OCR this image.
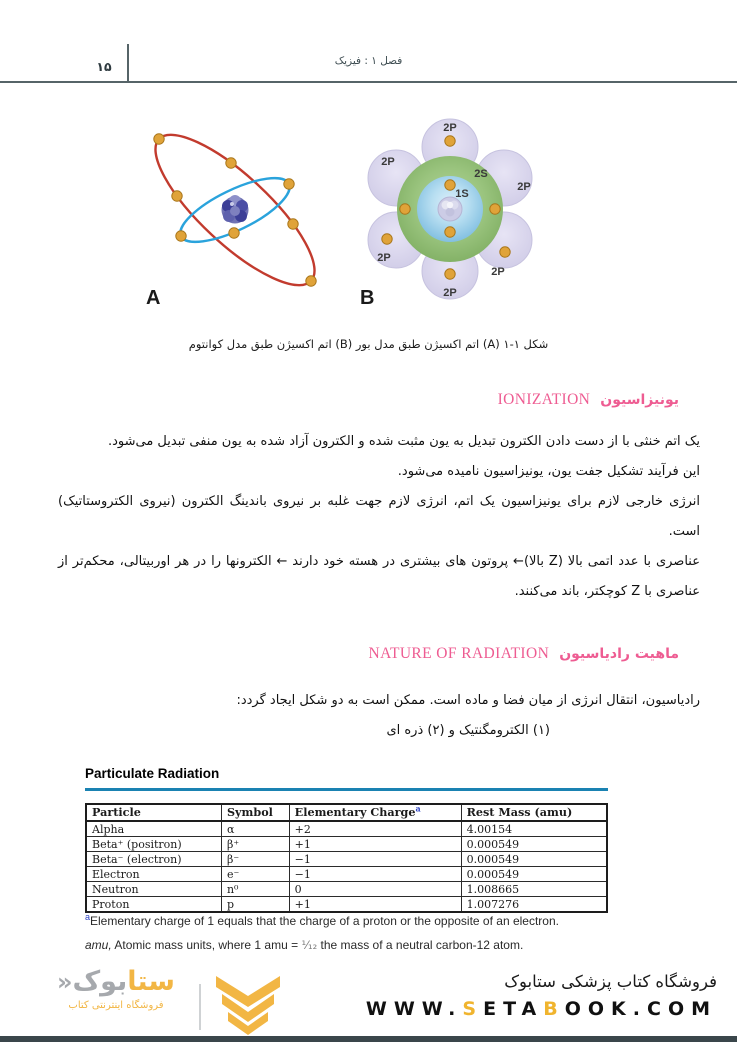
فصل ۱ : فیزیک
۱۵
A
2P
2P
2P
2P
2P
2P
2S
1S
B
شکل ۱-۱ (A) اتم اکسیژن طبق مدل بور (B) اتم اکسیژن طبق مدل کوانتوم
یونیزاسیون
IONIZATION

یک اتم خنثی با از دست دادن الکترون تبدیل به یون مثبت شده و الکترون آزاد شده به یون منفی تبدیل می‌شود.

این فرآیند تشکیل جفت یون، یونیزاسیون نامیده می‌شود.

انرژی خارجی لازم برای یونیزاسیون یک اتم، انرژی لازم جهت غلبه بر نیروی باندینگ الکترون (نیروی الکتروستاتیک) است.

عناصری با عدد اتمی بالا (Z بالا)← پروتون های بیشتری در هسته خود دارند ← الکترونها را در هر اوربیتالی، محکم‌تر از عناصری با Z کوچکتر، باند می‌کنند.

ماهیت رادیاسیون
NATURE OF RADIATION

رادیاسیون، انتقال انرژی از میان فضا و ماده است. ممکن است به دو شکل ایجاد گردد:

(۱) الکترومگنتیک و (۲) ذره ای

Particulate Radiation
Particle	Symbol	Elementary Charge$^a$	Rest Mass (amu)
Alpha	α	+2	4.00154
Beta⁺ (positron)	β⁺	+1	0.000549
Beta⁻ (electron)	β⁻	−1	0.000549
Electron	e⁻	−1	0.000549
Neutron	n⁰	0	1.008665
Proton	p	+1	1.007276
$^a$Elementary charge of 1 equals that the charge of a proton or the opposite of an electron.
amu, Atomic mass units, where 1 amu = ¹⁄₁₂ the mass of a neutral carbon-12 atom.
ستابوک«
فروشگاه اینترنتی کتاب
فروشگاه کتاب پزشکی ستابوک
WWW.SETABOOK.COM
